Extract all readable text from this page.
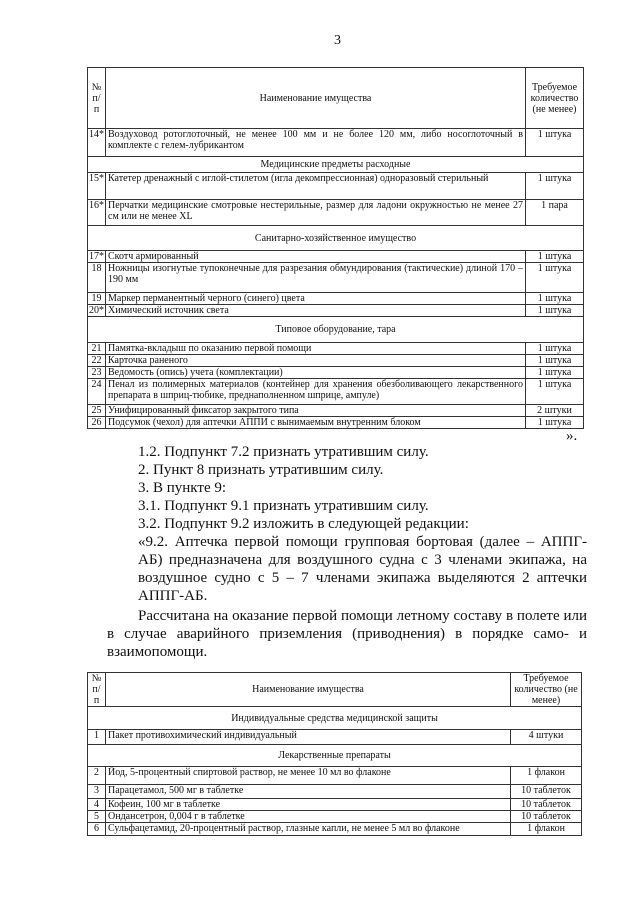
3
№ п/п	Наименование имущества	Требуемое количество (не менее)
14*	Воздуховод ротоглоточный, не менее 100 мм и не более 120 мм, либо носоглоточный в комплекте с гелем-лубрикантом	1 штука
Медицинские предметы расходные		
15*	Катетер дренажный с иглой-стилетом (игла декомпрессионная) одноразовый стерильный	1 штука
16*	Перчатки медицинские смотровые нестерильные, размер для ладони окружностью не менее 27 см или не менее XL	1 пара
Санитарно-хозяйственное имущество		
17*	Скотч армированный	1 штука
18	Ножницы изогнутые тупоконечные для разрезания обмундирования (тактические) длиной 170 – 190 мм	1 штука
19	Маркер перманентный черного (синего) цвета	1 штука
20*	Химический источник света	1 штука
Типовое оборудование, тара		
21	Памятка-вкладыш по оказанию первой помощи	1 штука
22	Карточка раненого	1 штука
23	Ведомость (опись) учета (комплектации)	1 штука
24	Пенал из полимерных материалов (контейнер для хранения обезболивающего лекарственного препарата в шприц-тюбике, преднаполненном шприце, ампуле)	1 штука
25	Унифицированный фиксатор закрытого типа	2 штуки
26	Подсумок (чехол) для аптечки АППИ с вынимаемым внутренним блоком	1 штука
».

1.2. Подпункт 7.2 признать утратившим силу.

2. Пункт 8 признать утратившим силу.

3. В пункте 9:

3.1. Подпункт 9.1 признать утратившим силу.

3.2. Подпункт 9.2 изложить в следующей редакции:

«9.2. Аптечка первой помощи групповая бортовая (далее – АППГ-АБ) предназначена для воздушного судна с 3 членами экипажа, на воздушное судно с 5 – 7 членами экипажа выделяются 2 аптечки АППГ-АБ.

Рассчитана на оказание первой помощи летному составу в полете или в случае аварийного приземления (приводнения) в порядке само- и взаимопомощи.

№ п/п	Наименование имущества	Требуемое количество (не менее)
Индивидуальные средства медицинской защиты		
1	Пакет противохимический индивидуальный	4 штуки
Лекарственные препараты		
2	Йод, 5-процентный спиртовой раствор, не менее 10 мл во флаконе	1 флакон
3	Парацетамол, 500 мг в таблетке	10 таблеток
4	Кофеин, 100 мг в таблетке	10 таблеток
5	Ондансетрон, 0,004 г в таблетке	10 таблеток
6	Сульфацетамид, 20-процентный раствор, глазные капли, не менее 5 мл во флаконе	1 флакон
